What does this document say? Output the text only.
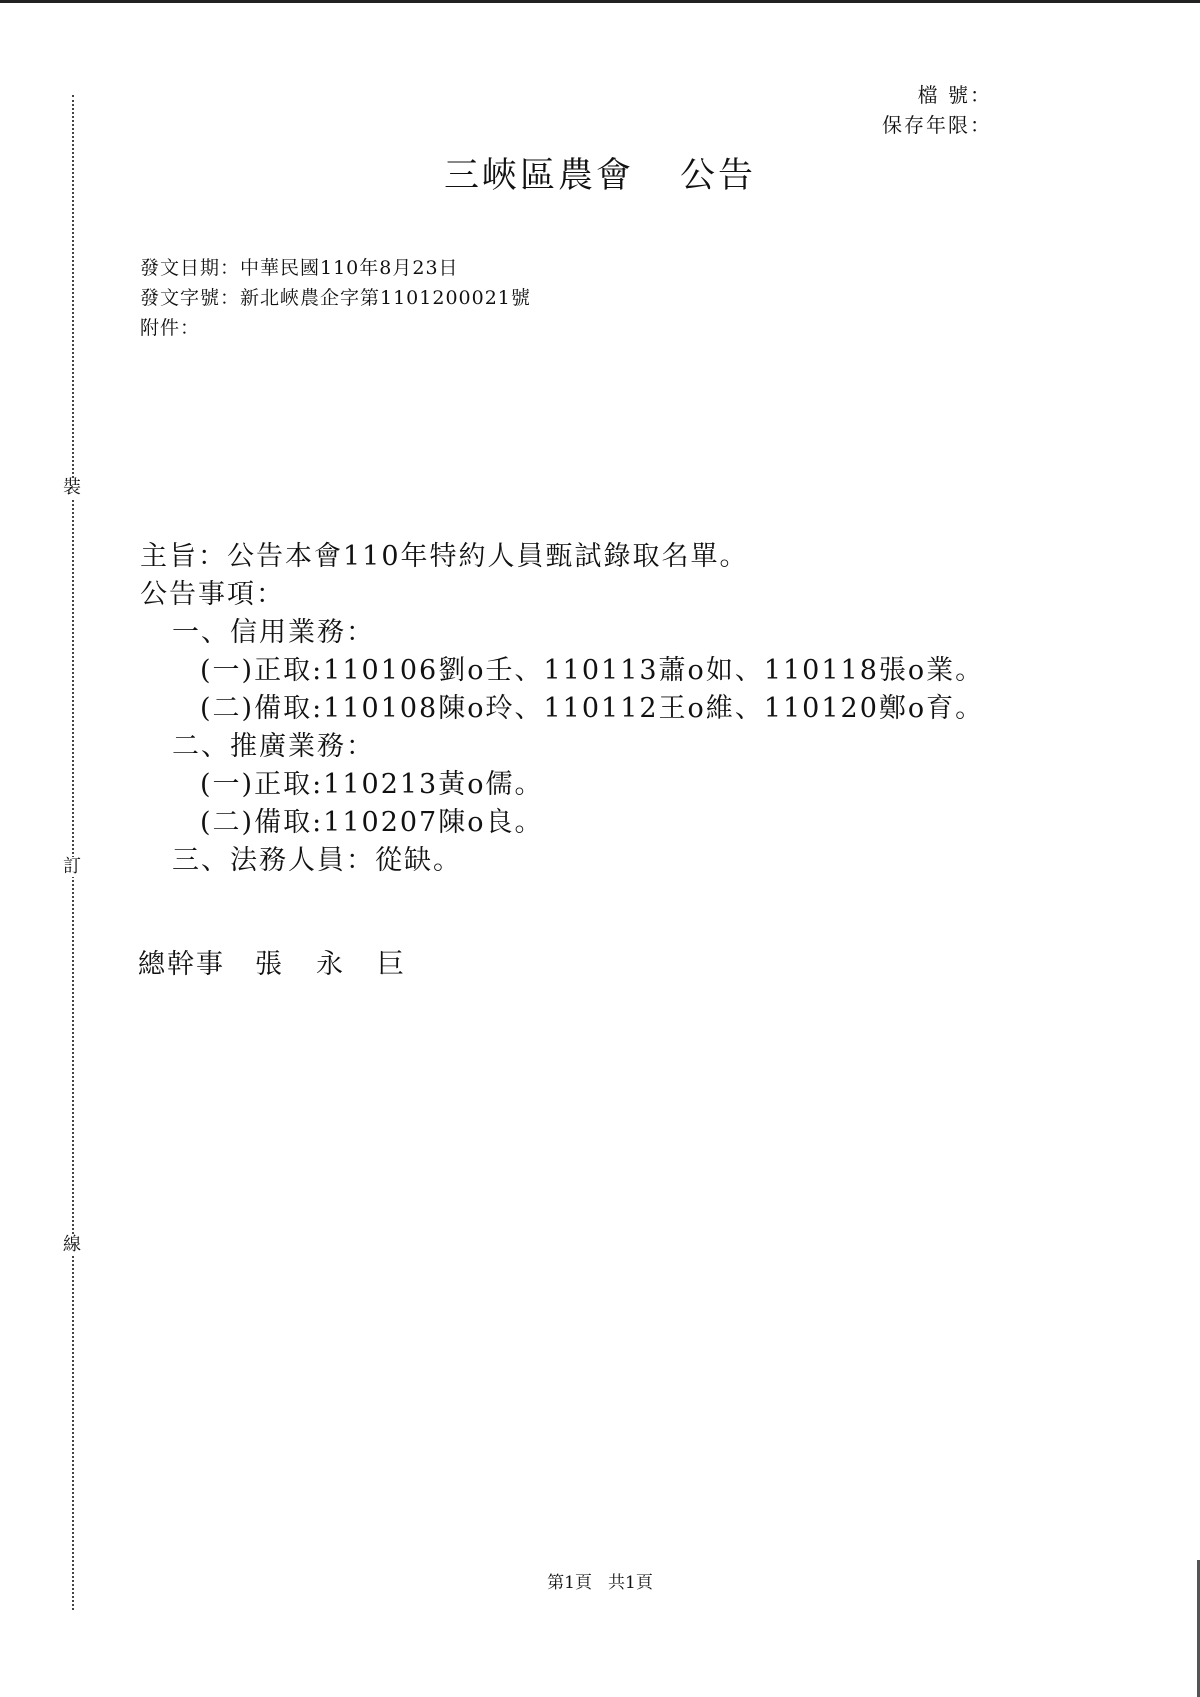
裝
訂
線
檔 號：
保存年限：
三峽區農會 公告
發文日期：中華民國110年8月23日
發文字號：新北峽農企字第1101200021號
附件：
主旨：公告本會110年特約人員甄試錄取名單。
公告事項：
一、信用業務：
(一)正取:110106劉o壬、110113蕭o如、110118張o業。
(二)備取:110108陳o玲、110112王o維、110120鄭o育。
二、推廣業務：
(一)正取:110213黃o儒。
(二)備取:110207陳o良。
三、法務人員：從缺。
總幹事 張 永 巨
第1頁 共1頁
